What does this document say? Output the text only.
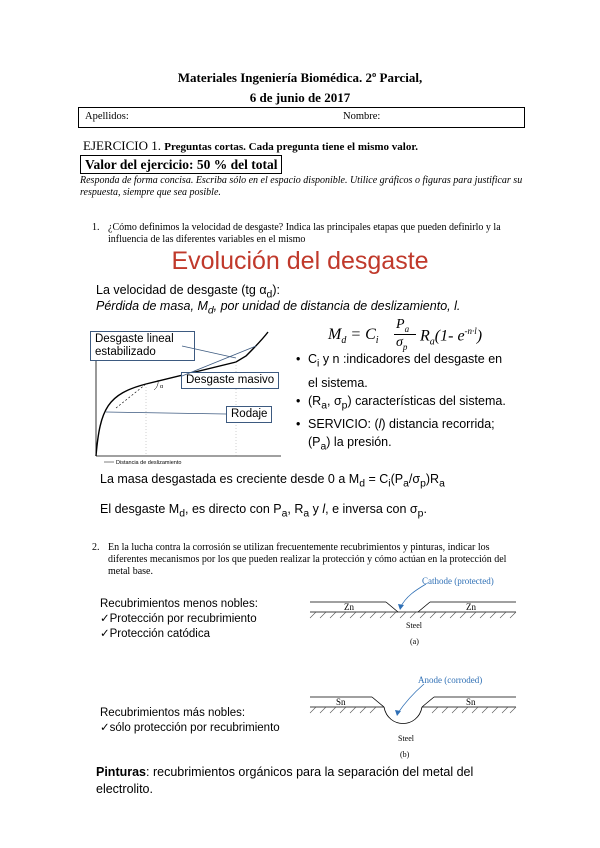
Materiales Ingeniería Biomédica. 2º Parcial,
6 de junio de 2017
Apellidos:	Nombre:
EJERCICIO 1. Preguntas cortas. Cada pregunta tiene el mismo valor.
Valor del ejercicio: 50 % del total
Responda de forma concisa. Escriba sólo en el espacio disponible. Utilice gráficos o figuras para justificar su respuesta, siempre que sea posible.
1. ¿Cómo definimos la velocidad de desgaste? Indica las principales etapas que pueden definirlo y la influencia de las diferentes variables en el mismo
Evolución del desgaste
La velocidad de desgaste (tg $\alpha_d$):
Pérdida de masa, $M_d$, por unidad de distancia de deslizamiento, l.
$M_d = C_i$
$P_a$
$\sigma_p$
$R_a(1-$ $e^{-n\cdot l}$)
α
Distancia de deslizamiento
Desgaste lineal estabilizado
Desgaste masivo
Rodaje
• $C_i$ y n :indicadores del desgaste en
el sistema.
• ($R_a$, $\sigma_p$) características del sistema.
• SERVICIO: (l) distancia recorrida;
$(P_a)$ la presión.
La masa desgastada es creciente desde 0 a $M_d = C_i(P_a/\sigma_p)R_a$
El desgaste $M_d$, es directo con $P_a$, $R_a$ y l, e inversa con $\sigma_p$.
2. En la lucha contra la corrosión se utilizan frecuentemente recubrimientos y pinturas, indicar los diferentes mecanismos por los que pueden realizar la protección y cómo actúan en la protección del metal base.
Recubrimientos menos nobles:
✓Protección por recubrimiento
✓Protección catódica
Recubrimientos más nobles:
✓sólo protección por recubrimiento
Cathode (protected)
Zn	Zn
Steel
(a)
Anode (corroded)
Sn	Sn
Steel
(b)
Pinturas: recubrimientos orgánicos para la separación del metal del electrolito.
